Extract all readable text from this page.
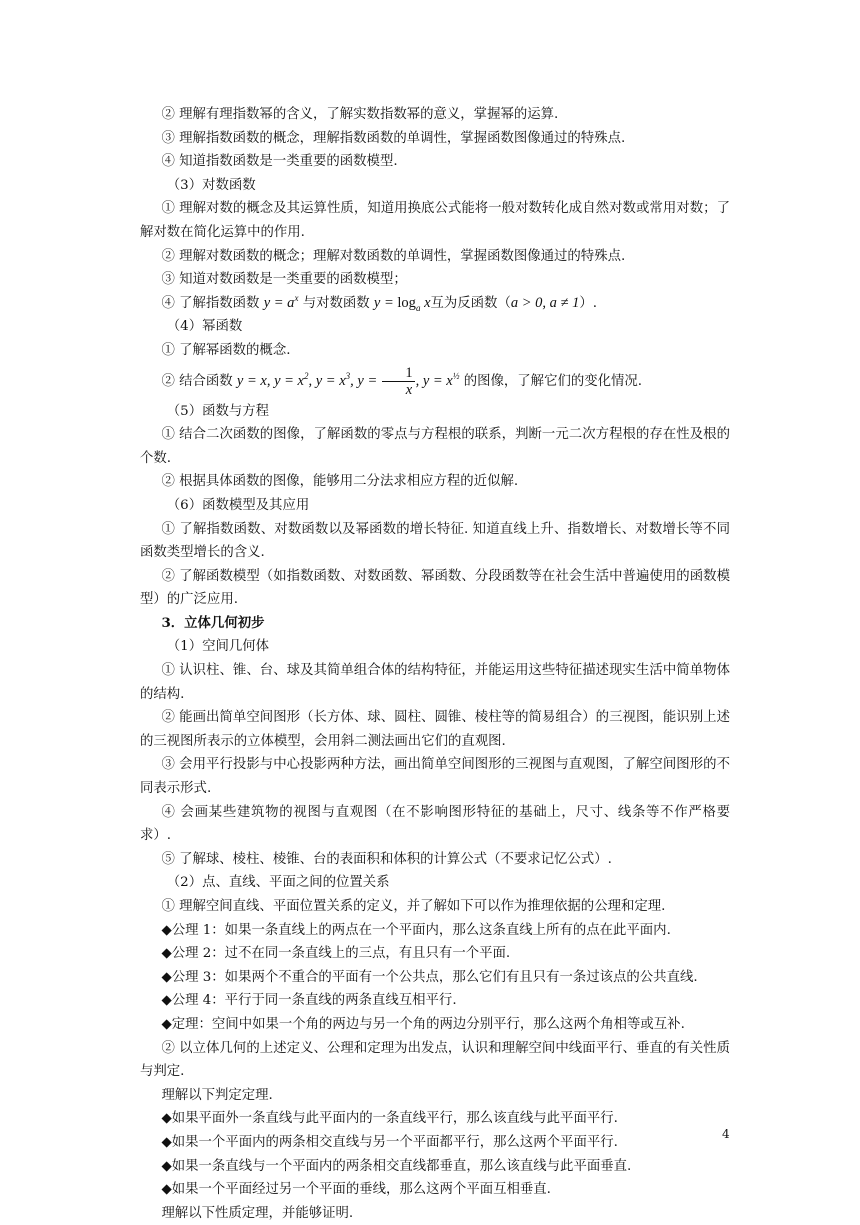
② 理解有理指数幂的含义，了解实数指数幂的意义，掌握幂的运算.

③ 理解指数函数的概念，理解指数函数的单调性，掌握函数图像通过的特殊点.

④ 知道指数函数是一类重要的函数模型.

（3）对数函数

① 理解对数的概念及其运算性质，知道用换底公式能将一般对数转化成自然对数或常用对数；了解对数在简化运算中的作用.

② 理解对数函数的概念；理解对数函数的单调性，掌握函数图像通过的特殊点.

③ 知道对数函数是一类重要的函数模型；

④ 了解指数函数 $y = a^x$ 与对数函数 $y = \log_a x$互为反函数（a > 0, a ≠ 1）.

（4）幂函数

① 了解幂函数的概念.

② 结合函数 y = x, $y = x^2$, $y = x^3$, $y = \frac{1}{x}$ , $y = x^{\frac{1}{2}}$ 的图像，了解它们的变化情况.

（5）函数与方程

① 结合二次函数的图像，了解函数的零点与方程根的联系，判断一元二次方程根的存在性及根的个数.

② 根据具体函数的图像，能够用二分法求相应方程的近似解.

（6）函数模型及其应用

① 了解指数函数、对数函数以及幂函数的增长特征. 知道直线上升、指数增长、对数增长等不同函数类型增长的含义.

② 了解函数模型（如指数函数、对数函数、幂函数、分段函数等在社会生活中普遍使用的函数模型）的广泛应用.

3．立体几何初步

（1）空间几何体

① 认识柱、锥、台、球及其简单组合体的结构特征，并能运用这些特征描述现实生活中简单物体的结构.

② 能画出简单空间图形（长方体、球、圆柱、圆锥、棱柱等的简易组合）的三视图，能识别上述的三视图所表示的立体模型，会用斜二测法画出它们的直观图.

③ 会用平行投影与中心投影两种方法，画出简单空间图形的三视图与直观图，了解空间图形的不同表示形式.

④ 会画某些建筑物的视图与直观图（在不影响图形特征的基础上，尺寸、线条等不作严格要求）.

⑤ 了解球、棱柱、棱锥、台的表面积和体积的计算公式（不要求记忆公式）.

（2）点、直线、平面之间的位置关系

① 理解空间直线、平面位置关系的定义，并了解如下可以作为推理依据的公理和定理.

◆公理 1：如果一条直线上的两点在一个平面内，那么这条直线上所有的点在此平面内.

◆公理 2：过不在同一条直线上的三点，有且只有一个平面.

◆公理 3：如果两个不重合的平面有一个公共点，那么它们有且只有一条过该点的公共直线.

◆公理 4：平行于同一条直线的两条直线互相平行.

◆定理：空间中如果一个角的两边与另一个角的两边分别平行，那么这两个角相等或互补.

② 以立体几何的上述定义、公理和定理为出发点，认识和理解空间中线面平行、垂直的有关性质与判定.

理解以下判定定理.

◆如果平面外一条直线与此平面内的一条直线平行，那么该直线与此平面平行.

◆如果一个平面内的两条相交直线与另一个平面都平行，那么这两个平面平行.

◆如果一条直线与一个平面内的两条相交直线都垂直，那么该直线与此平面垂直.

◆如果一个平面经过另一个平面的垂线，那么这两个平面互相垂直.

理解以下性质定理，并能够证明.

4
